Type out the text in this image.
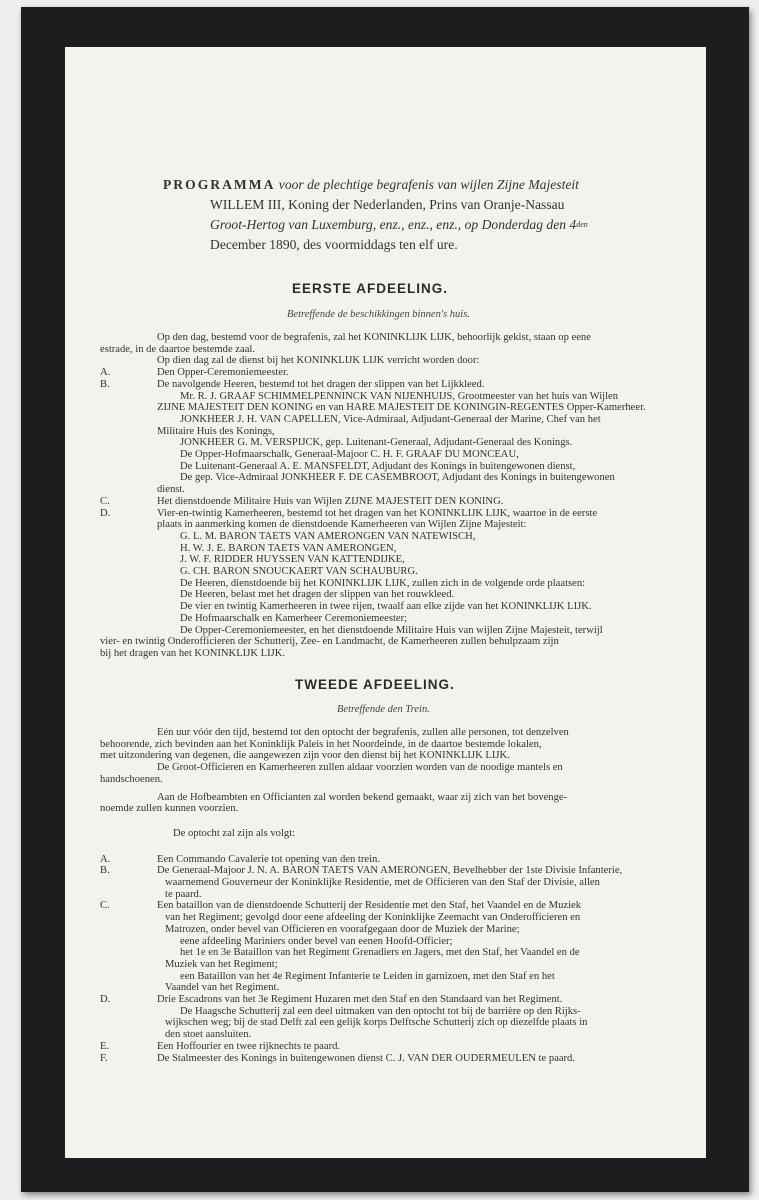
PROGRAMMA voor de plechtige begrafenis van wijlen Zijne Majesteit
WILLEM III, Koning der Nederlanden, Prins van Oranje-Nassau
Groot-Hertog van Luxemburg, enz., enz., enz., op Donderdag den $4^{den}$
December 1890, des voormiddags ten elf ure.
EERSTE AFDEELING.
Betreffende de beschikkingen binnen's huis.
Op den dag, bestemd voor de begrafenis, zal het KONINKLIJK LIJK, behoorlijk gekist, staan op eene
estrade, in de daartoe bestemde zaal.
Op dien dag zal de dienst bij het KONINKLIJK LIJK verricht worden door:
A.	Den Opper-Ceremoniemeester.
B.	De navolgende Heeren, bestemd tot het dragen der slippen van het Lijkkleed.
Mr. R. J. GRAAF SCHIMMELPENNINCK VAN NIJENHUIJS, Grootmeester van het huis van Wijlen
ZIJNE MAJESTEIT DEN KONING en van HARE MAJESTEIT DE KONINGIN-REGENTES Opper-Kamerheer.
JONKHEER J. H. VAN CAPELLEN, Vice-Admiraal, Adjudant-Generaal der Marine, Chef van het
Militaire Huis des Konings,
JONKHEER G. M. VERSPIJCK, gep. Luitenant-Generaal, Adjudant-Generaal des Konings.
De Opper-Hofmaarschalk, Generaal-Majoor C. H. F. GRAAF DU MONCEAU,
De Luitenant-Generaal A. E. MANSFELDT, Adjudant des Konings in buitengewonen dienst,
De gep. Vice-Admiraal JONKHEER F. DE CASEMBROOT, Adjudant des Konings in buitengewonen
dienst.
C.	Het dienstdoende Militaire Huis van Wijlen ZIJNE MAJESTEIT DEN KONING.
D.	Vier-en-twintig Kamerheeren, bestemd tot het dragen van het KONINKLIJK LIJK, waartoe in de eerste
plaats in aanmerking komen de dienstdoende Kamerheeren van Wijlen Zijne Majesteit:
G. L. M. BARON TAETS VAN AMERONGEN VAN NATEWISCH,
H. W. J. E. BARON TAETS VAN AMERONGEN,
J. W. F. RIDDER HUYSSEN VAN KATTENDIJKE,
G. CH. BARON SNOUCKAERT VAN SCHAUBURG.
De Heeren, dienstdoende bij het KONINKLIJK LIJK, zullen zich in de volgende orde plaatsen:
De Heeren, belast met het dragen der slippen van het rouwkleed.
De vier en twintig Kamerheeren in twee rijen, twaalf aan elke zijde van het KONINKLIJK LIJK.
De Hofmaarschalk en Kamerheer Ceremoniemeester;
De Opper-Ceremoniemeester, en het dienstdoende Militaire Huis van wijlen Zijne Majesteit, terwijl
vier- en twintig Onderofficieren der Schutterij, Zee- en Landmacht, de Kamerheeren zullen behulpzaam zijn
bij het dragen van het KONINKLIJK LIJK.
TWEEDE AFDEELING.
Betreffende den Trein.
Eén uur vóór den tijd, bestemd tot den optocht der begrafenis, zullen alle personen, tot denzelven
behoorende, zich bevinden aan het Koninklijk Paleis in het Noordeinde, in de daartoe bestemde lokalen,
met uitzondering van degenen, die aangewezen zijn voor den dienst bij het KONINKLIJK LIJK.
De Groot-Officieren en Kamerheeren zullen aldaar voorzien worden van de noodige mantels en
handschoenen.
Aan de Hofbeambten en Officianten zal worden bekend gemaakt, waar zij zich van het bovenge-
noemde zullen kunnen voorzien.
De optocht zal zijn als volgt:
A.	Een Commando Cavalerie tot opening van den trein.
B.	De Generaal-Majoor J. N. A. BARON TAETS VAN AMERONGEN, Bevelhebber der 1ste Divisie Infanterie,
waarnemend Gouverneur der Koninklijke Residentie, met de Officieren van den Staf der Divisie, allen
te paard.
C.	Een bataillon van de dienstdoende Schutterij der Residentie met den Staf, het Vaandel en de Muziek
van het Regiment; gevolgd door eene afdeeling der Koninklijke Zeemacht van Onderofficieren en
Matrozen, onder bevel van Officieren en voorafgegaan door de Muziek der Marine;
eene afdeeling Mariniers onder bevel van eenen Hoofd-Officier;
het 1e en 3e Bataillon van het Regiment Grenadiers en Jagers, met den Staf, het Vaandel en de
Muziek van het Regiment;
een Bataillon van het 4e Regiment Infanterie te Leiden in garnizoen, met den Staf en het
Vaandel van het Regiment.
D.	Drie Escadrons van het 3e Regiment Huzaren met den Staf en den Standaard van het Regiment.
De Haagsche Schutterij zal een deel uitmaken van den optocht tot bij de barrière op den Rijks-
wijkschen weg; bij de stad Delft zal een gelijk korps Delftsche Schutterij zich op diezelfde plaats in
den stoet aansluiten.
E.	Een Hoffourier en twee rijknechts te paard.
F.	De Stalmeester des Konings in buitengewonen dienst C. J. VAN DER OUDERMEULEN te paard.
